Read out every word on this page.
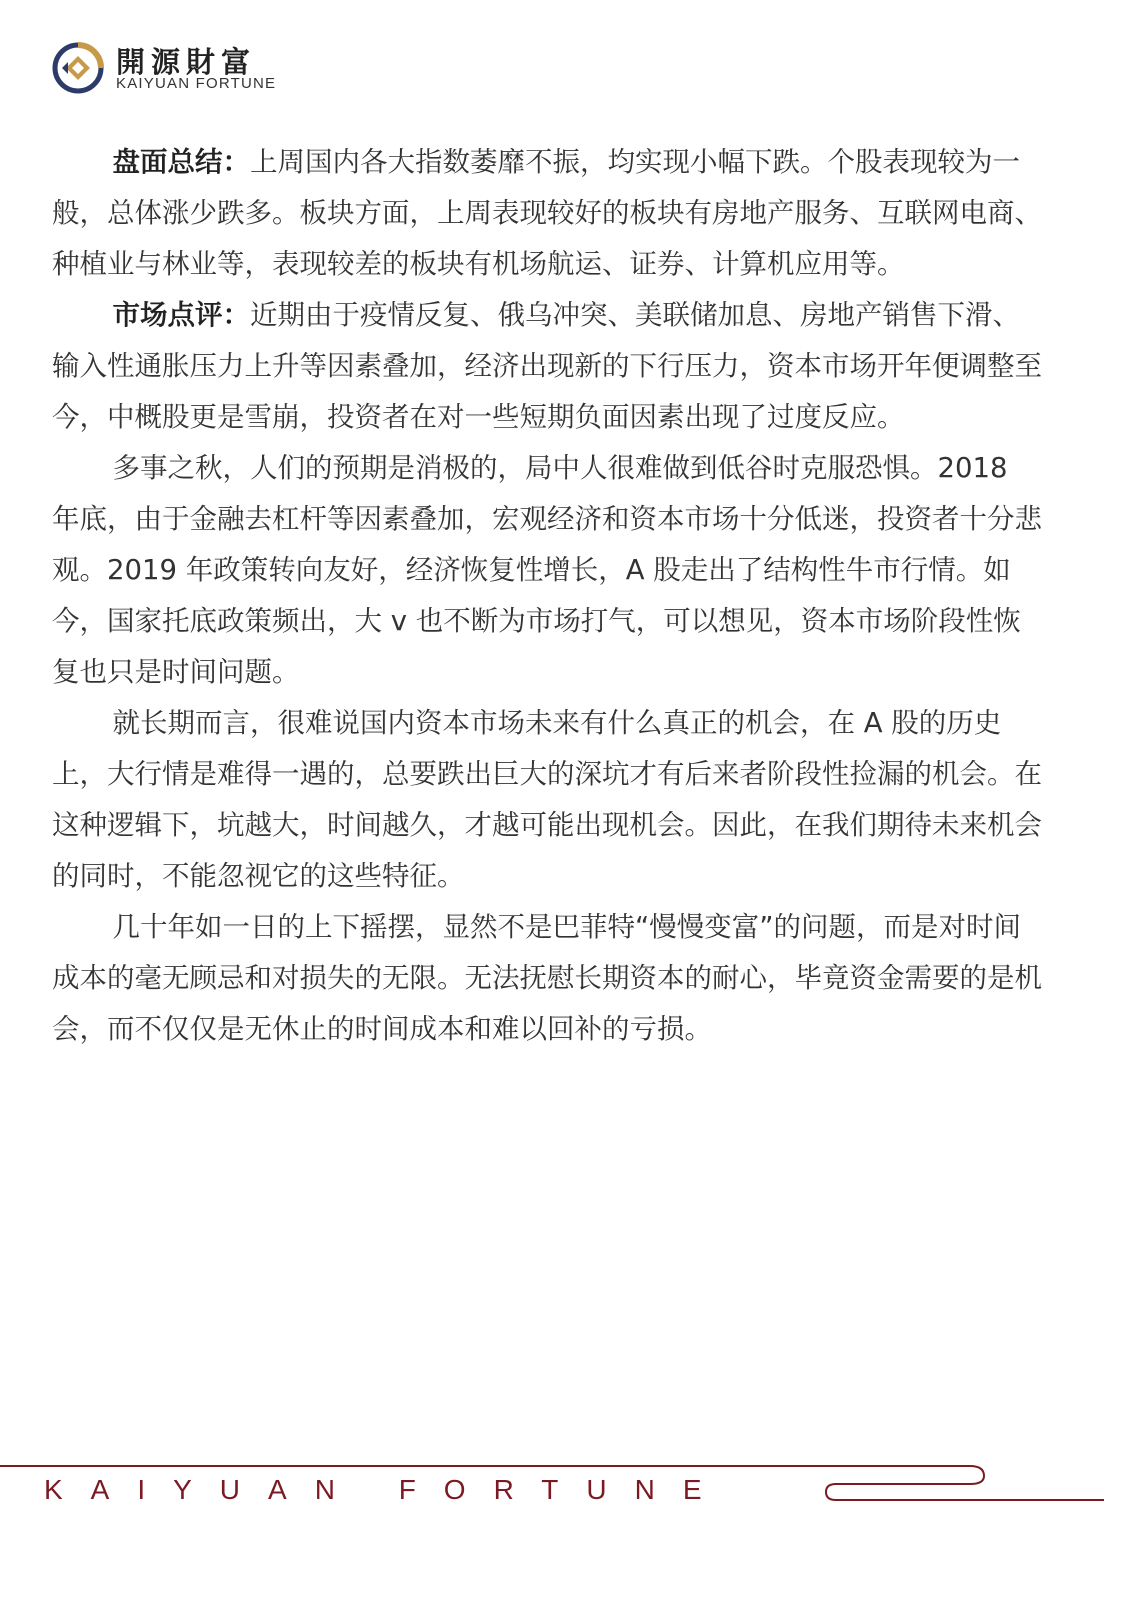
開源財富
KAIYUAN FORTUNE

盘面总结：上周国内各大指数萎靡不振，均实现小幅下跌。个股表现较为一般，总体涨少跌多。板块方面，上周表现较好的板块有房地产服务、互联网电商、种植业与林业等，表现较差的板块有机场航运、证券、计算机应用等。

市场点评：近期由于疫情反复、俄乌冲突、美联储加息、房地产销售下滑、输入性通胀压力上升等因素叠加，经济出现新的下行压力，资本市场开年便调整至今，中概股更是雪崩，投资者在对一些短期负面因素出现了过度反应。

多事之秋，人们的预期是消极的，局中人很难做到低谷时克服恐惧。2018 年底，由于金融去杠杆等因素叠加，宏观经济和资本市场十分低迷，投资者十分悲观。2019 年政策转向友好，经济恢复性增长，A 股走出了结构性牛市行情。如今，国家托底政策频出，大 v 也不断为市场打气，可以想见，资本市场阶段性恢复也只是时间问题。

就长期而言，很难说国内资本市场未来有什么真正的机会，在 A 股的历史上，大行情是难得一遇的，总要跌出巨大的深坑才有后来者阶段性捡漏的机会。在这种逻辑下，坑越大，时间越久，才越可能出现机会。因此，在我们期待未来机会的同时，不能忽视它的这些特征。

几十年如一日的上下摇摆，显然不是巴菲特“慢慢变富”的问题，而是对时间成本的毫无顾忌和对损失的无限。无法抚慰长期资本的耐心，毕竟资金需要的是机会，而不仅仅是无休止的时间成本和难以回补的亏损。

KAIYUAN FORTUNE
